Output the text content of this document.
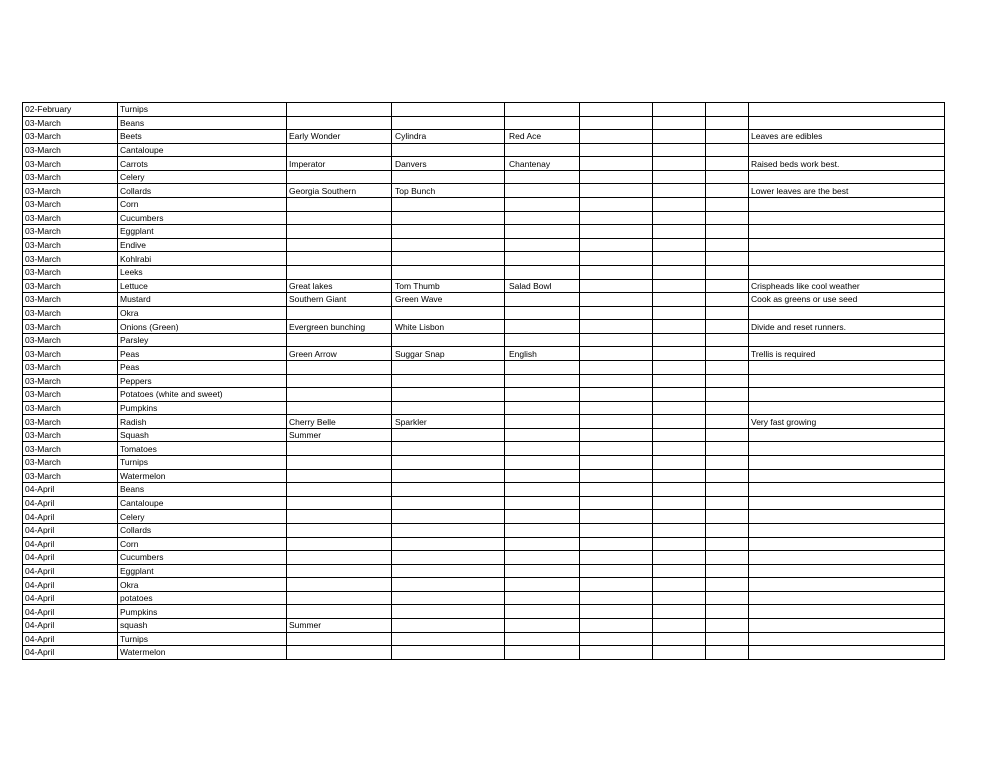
02-February	Turnips							
03-March	Beans							
03-March	Beets	Early Wonder	Cylindra	Red Ace				Leaves are edibles
03-March	Cantaloupe							
03-March	Carrots	Imperator	Danvers	Chantenay				Raised beds work best.
03-March	Celery							
03-March	Collards	Georgia Southern	Top Bunch					Lower leaves are the best
03-March	Corn							
03-March	Cucumbers							
03-March	Eggplant							
03-March	Endive							
03-March	Kohlrabi							
03-March	Leeks							
03-March	Lettuce	Great lakes	Tom Thumb	Salad Bowl				Crispheads like cool weather
03-March	Mustard	Southern Giant	Green Wave					Cook as greens or use seed
03-March	Okra							
03-March	Onions (Green)	Evergreen bunching	White Lisbon					Divide and reset runners.
03-March	Parsley							
03-March	Peas	Green Arrow	Suggar Snap	English				Trellis is required
03-March	Peas							
03-March	Peppers							
03-March	Potatoes (white and sweet)							
03-March	Pumpkins							
03-March	Radish	Cherry Belle	Sparkler					Very fast growing
03-March	Squash	Summer						
03-March	Tomatoes							
03-March	Turnips							
03-March	Watermelon							
04-April	Beans							
04-April	Cantaloupe							
04-April	Celery							
04-April	Collards							
04-April	Corn							
04-April	Cucumbers							
04-April	Eggplant							
04-April	Okra							
04-April	potatoes							
04-April	Pumpkins							
04-April	squash	Summer						
04-April	Turnips							
04-April	Watermelon							
